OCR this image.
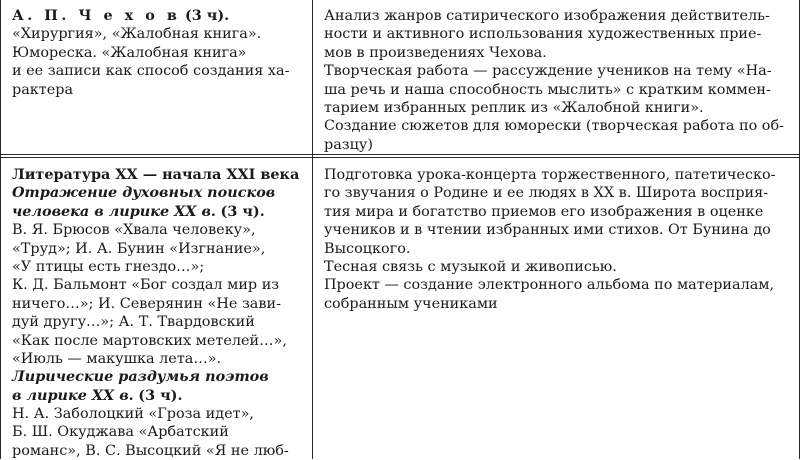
А. П. Ч е х о в (3 ч).
«Хирургия», «Жалобная книга».
Юмореска. «Жалобная книга»
и ее записи как способ создания ха-
рактера
Анализ жанров сатирического изображения действитель-
ности и активного использования художественных прие-
мов в произведениях Чехова.
Творческая работа — рассуждение учеников на тему «На-
ша речь и наша способность мыслить» с кратким коммен-
тарием избранных реплик из «Жалобной книги».
Создание сюжетов для юморески (творческая работа по об-
разцу)
Литература XX — начала XXI века
Отражение духовных поисков
человека в лирике XX в. (3 ч).
В. Я. Брюсов «Хвала человеку»,
«Труд»; И. А. Бунин «Изгнание»,
«У птицы есть гнездо…»;
К. Д. Бальмонт «Бог создал мир из
ничего…»; И. Северянин «Не зави-
дуй другу…»; А. Т. Твардовский
«Как после мартовских метелей…»,
«Июль — макушка лета…».
Лирические раздумья поэтов
в лирике XX в. (3 ч).
Н. А. Заболоцкий «Гроза идет»,
Б. Ш. Окуджава «Арбатский
романс», В. С. Высоцкий «Я не люб-
Подготовка урока-концерта торжественного, патетическо-
го звучания о Родине и ее людях в XX в. Широта восприя-
тия мира и богатство приемов его изображения в оценке
учеников и в чтении избранных ими стихов. От Бунина до
Высоцкого.
Тесная связь с музыкой и живописью.
Проект — создание электронного альбома по материалам,
собранным учениками
